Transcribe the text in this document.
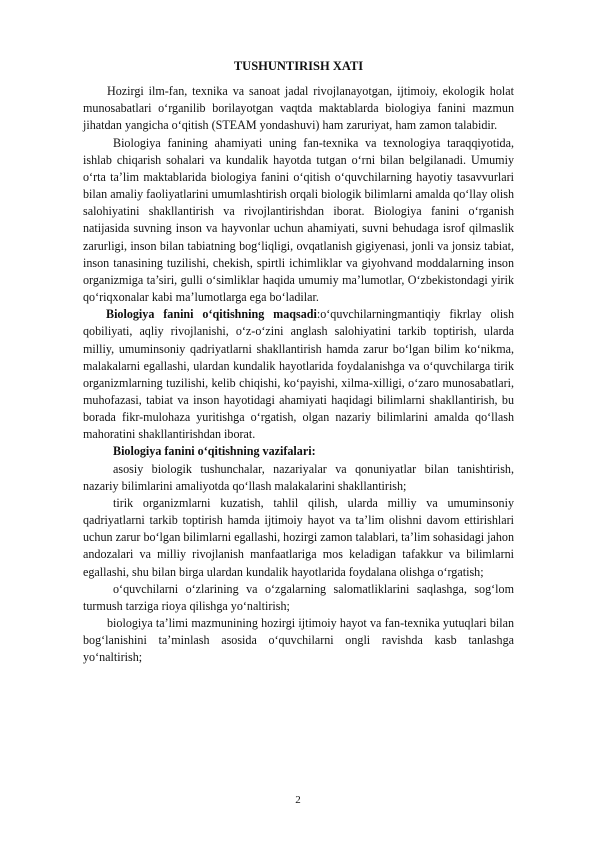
TUSHUNTIRISH XATI

Hozirgi ilm-fan, texnika va sanoat jadal rivojlanayotgan, ijtimoiy, ekologik holat munosabatlari o‘rganilib borilayotgan vaqtda maktablarda biologiya fanini mazmun jihatdan yangicha o‘qitish (STEAM yondashuvi) ham zaruriyat, ham zamon talabidir.

Biologiya fanining ahamiyati uning fan-texnika va texnologiya taraqqiyotida, ishlab chiqarish sohalari va kundalik hayotda tutgan o‘rni bilan belgilanadi. Umumiy o‘rta ta’lim maktablarida biologiya fanini o‘qitish o‘quvchilarning hayotiy tasavvurlari bilan amaliy faoliyatlarini umumlashtirish orqali biologik bilimlarni amalda qo‘llay olish salohiyatini shakllantirish va rivojlantirishdan iborat. Biologiya fanini o‘rganish natijasida suvning inson va hayvonlar uchun ahamiyati, suvni behudaga isrof qilmaslik zarurligi, inson bilan tabiatning bog‘liqligi, ovqatlanish gigiyenasi, jonli va jonsiz tabiat, inson tanasining tuzilishi, chekish, spirtli ichimliklar va giyohvand moddalarning inson organizmiga ta’siri, gulli o‘simliklar haqida umumiy ma’lumotlar, O‘zbekistondagi yirik qo‘riqxonalar kabi ma’lumotlarga ega bo‘ladilar.

Biologiya fanini o‘qitishning maqsadi:o‘quvchilarningmantiqiy fikrlay olish qobiliyati, aqliy rivojlanishi, o‘z-o‘zini anglash salohiyatini tarkib toptirish, ularda milliy, umuminsoniy qadriyatlarni shakllantirish hamda zarur bo‘lgan bilim ko‘nikma, malakalarni egallashi, ulardan kundalik hayotlarida foydalanishga va o‘quvchilarga tirik organizmlarning tuzilishi, kelib chiqishi, ko‘payishi, xilma-xilligi, o‘zaro munosabatlari, muhofazasi, tabiat va inson hayotidagi ahamiyati haqidagi bilimlarni shakllantirish, bu borada fikr-mulohaza yuritishga o‘rgatish, olgan nazariy bilimlarini amalda qo‘llash mahoratini shakllantirishdan iborat.

Biologiya fanini o‘qitishning vazifalari:

asosiy biologik tushunchalar, nazariyalar va qonuniyatlar bilan tanishtirish, nazariy bilimlarini amaliyotda qo‘llash malakalarini shakllantirish;

tirik organizmlarni kuzatish, tahlil qilish, ularda milliy va umuminsoniy qadriyatlarni tarkib toptirish hamda ijtimoiy hayot va ta’lim olishni davom ettirishlari uchun zarur bo‘lgan bilimlarni egallashi, hozirgi zamon talablari, ta’lim sohasidagi jahon andozalari va milliy rivojlanish manfaatlariga mos keladigan tafakkur va bilimlarni egallashi, shu bilan birga ulardan kundalik hayotlarida foydalana olishga o‘rgatish;

o‘quvchilarni o‘zlarining va o‘zgalarning salomatliklarini saqlashga, sog‘lom turmush tarziga rioya qilishga yo‘naltirish;

biologiya ta’limi mazmunining hozirgi ijtimoiy hayot va fan-texnika yutuqlari bilan bog‘lanishini ta’minlash asosida o‘quvchilarni ongli ravishda kasb tanlashga yo‘naltirish;

2
